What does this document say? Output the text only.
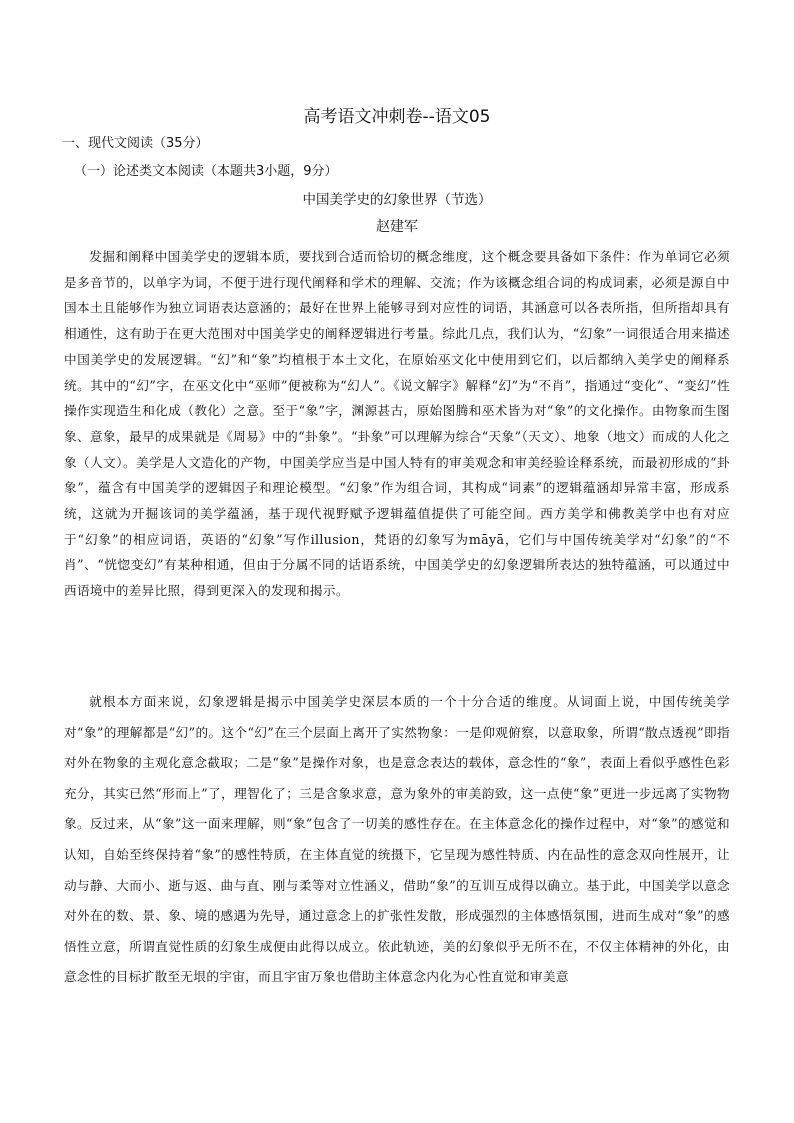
高考语文冲刺卷--语文05
一、现代文阅读（35分）
（一）论述类文本阅读（本题共3小题，9分）
中国美学史的幻象世界（节选）
赵建军

发掘和阐释中国美学史的逻辑本质，要找到合适而恰切的概念维度，这个概念要具备如下条件：作为单词它必须是多音节的，以单字为词，不便于进行现代阐释和学术的理解、交流；作为该概念组合词的构成词素，必须是源自中国本土且能够作为独立词语表达意涵的；最好在世界上能够寻到对应性的词语，其涵意可以各表所指，但所指却具有相通性，这有助于在更大范围对中国美学史的阐释逻辑进行考量。综此几点，我们认为，“幻象”一词很适合用来描述中国美学史的发展逻辑。“幻”和“象”均植根于本土文化，在原始巫文化中使用到它们，以后都纳入美学史的阐释系统。其中的“幻”字，在巫文化中“巫师”便被称为“幻人”。《说文解字》解释“幻”为“不肖”，指通过“变化”、“变幻”性操作实现造生和化成（教化）之意。至于“象”字，渊源甚古，原始图腾和巫术皆为对“象”的文化操作。由物象而生图象、意象，最早的成果就是《周易》中的“卦象”。“卦象”可以理解为综合“天象”（天文）、地象（地文）而成的人化之象（人文）。美学是人文造化的产物，中国美学应当是中国人特有的审美观念和审美经验诠释系统，而最初形成的“卦象”，蕴含有中国美学的逻辑因子和理论模型。“幻象”作为组合词，其构成“词素”的逻辑蕴涵却异常丰富，形成系统，这就为开掘该词的美学蕴涵，基于现代视野赋予逻辑蕴值提供了可能空间。西方美学和佛教美学中也有对应于“幻象”的相应词语，英语的“幻象”写作illusion，梵语的幻象写为māyā，它们与中国传统美学对“幻象”的“不肖”、“恍惚变幻”有某种相通，但由于分属不同的话语系统，中国美学史的幻象逻辑所表达的独特蕴涵，可以通过中西语境中的差异比照，得到更深入的发现和揭示。

就根本方面来说，幻象逻辑是揭示中国美学史深层本质的一个十分合适的维度。从词面上说，中国传统美学对“象”的理解都是“幻”的。这个“幻”在三个层面上离开了实然物象：一是仰观俯察，以意取象，所谓“散点透视”即指对外在物象的主观化意念截取；二是“象”是操作对象，也是意念表达的载体，意念性的“象”，表面上看似乎感性色彩充分，其实已然“形而上”了，理智化了；三是含象求意，意为象外的审美韵致，这一点使“象”更进一步远离了实物物象。反过来，从“象”这一面来理解，则“象”包含了一切美的感性存在。在主体意念化的操作过程中，对“象”的感觉和认知，自始至终保持着“象”的感性特质，在主体直觉的统摄下，它呈现为感性特质、内在品性的意念双向性展开，让动与静、大而小、逝与返、曲与直、刚与柔等对立性涵义，借助“象”的互训互成得以确立。基于此，中国美学以意念对外在的数、景、象、境的感遇为先导，通过意念上的扩张性发散，形成强烈的主体感悟氛围，进而生成对“象”的感悟性立意，所谓直觉性质的幻象生成便由此得以成立。依此轨迹，美的幻象似乎无所不在，不仅主体精神的外化，由意念性的目标扩散至无垠的宇宙，而且宇宙万象也借助主体意念内化为心性直觉和审美意
